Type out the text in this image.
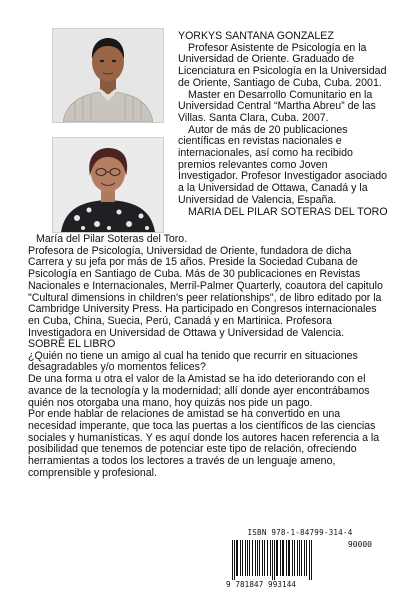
YORKYS SANTANA GONZALEZ
Profesor Asistente de Psicología en la Universidad de Oriente. Graduado de Licenciatura en Psicología en la Universidad de Oriente, Santiago de Cuba, Cuba. 2001.
Master en Desarrollo Comunitario en la Universidad Central “Martha Abreu” de las Villas. Santa Clara, Cuba. 2007.
Autor de más de 20 publicaciones científicas en revistas nacionales e internacionales, así como ha recibido premios relevantes como Joven Investigador. Profesor Investigador asociado a la Universidad de Ottawa, Canadá y la Universidad de Valencia, España.
MARIA DEL PILAR SOTERAS DEL TORO
María del Pilar Soteras del Toro.
Profesora de Psicología, Universidad de Oriente, fundadora de dicha Carrera y su jefa por más de 15 años. Preside la Sociedad Cubana de Psicología en Santiago de Cuba. Más de 30 publicaciones en Revistas Nacionales e Internacionales, Merril-Palmer Quarterly, coautora del capitulo "Cultural dimensions in children's peer relationships", de libro editado por la Cambridge University Press. Ha participado en Congresos internacionales en Cuba, China, Suecia, Perú, Canadá y en Martinica. Profesora Investigadora en Universidad de Ottawa y Universidad de Valencia.
SOBRE EL LIBRO
¿Quién no tiene un amigo al cual ha tenido que recurrir en situaciones desagradables y/o momentos felices?
De una forma u otra el valor de la Amistad se ha ido deteriorando con el avance de la tecnología y la modernidad; allí donde ayer encontrábamos quién nos otorgaba una mano, hoy quizás nos pide un pago.
Por ende hablar de relaciones de amistad se ha convertido en una necesidad imperante, que toca las puertas a los científicos de las ciencias sociales y humanísticas. Y es aquí donde los autores hacen referencia a la posibilidad que tenemos de potenciar este tipo de relación, ofreciendo herramientas a todos los lectores a través de un lenguaje ameno, comprensible y profesional.
ISBN 978-1-84799-314-4
90000
9 781847 993144
